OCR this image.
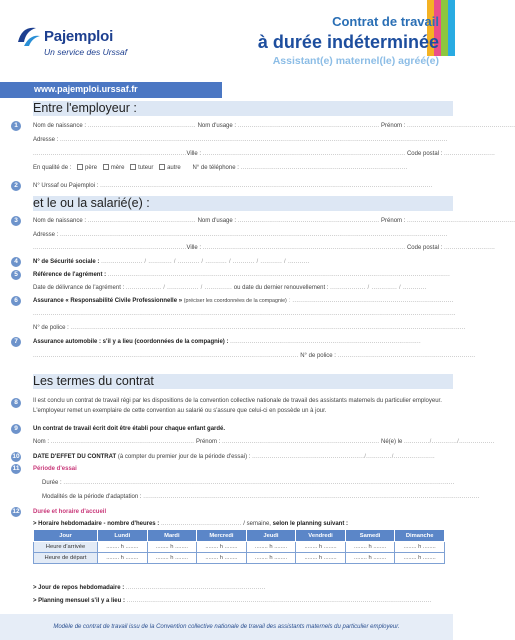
Pajemploi
Un service des Urssaf
Contrat de travail
à durée indéterminée
Assistant(e) maternel(le) agréé(e)
www.pajemploi.urssaf.fr
Entre l'employeur :
1	Nom de naissance : ....................................................... Nom d'usage : ........................................................................ Prénom : .......................................................
Adresse : .....................................................................................................................................................................................................
..............................................................................Ville : ....................................................................................................... Code postal : ..........................
En qualité de : père mère tuteur autre N° de téléphone : .....................................................................................
2	N° Urssaf ou Pajemploi : .........................................................................................................................................................................
et le ou la salarié(e) :
3	Nom de naissance : ....................................................... Nom d'usage : ........................................................................ Prénom : .......................................................
Adresse : .....................................................................................................................................................................................................
..............................................................................Ville : ....................................................................................................... Code postal : ..........................
4	N° de Sécurité sociale : ..................... / ............ / ........... / ........... / ........... / ........... / ...........
5	Référence de l'agrément : ..............................................................................................................................................................................
Date de délivrance de l'agrément : .................. / ................ / .............. ou date du dernier renouvellement : .................. / ............. / ............
6	Assurance « Responsabilité Civile Professionnelle » (préciser les coordonnées de la compagnie) : ..................................................................................
.......................................................................................................................................................................................................................
N° de police : .........................................................................................................................................................................................................
7	Assurance automobile : s'il y a lieu (coordonnées de la compagnie) : .................................................................................................
....................................................................................................................................... N° de police : ......................................................................
Les termes du contrat
8	Il est conclu un contrat de travail régi par les dispositions de la convention collective nationale de travail des assistants maternels du particulier employeur. L'employeur remet un exemplaire de cette convention au salarié ou s'assure que celui-ci en possède un à jour.
9	Un contrat de travail écrit doit être établi pour chaque enfant gardé.
Nom : ......................................................................... Prénom : ................................................................................ Né(e) le ............./............./..................
10 DATE D'EFFET DU CONTRAT (à compter du premier jour de la période d'essai) : ........................................................./............./.....................
11 Période d'essai
Durée : .......................................................................................................................................................................................................
Modalités de la période d'adaptation : ...........................................................................................................................................................................
12 Durée et horaire d'accueil
> Horaire hebdomadaire - nombre d'heures : ......................................... / semaine, selon le planning suivant :
Jour	Lundi	Mardi	Mercredi	Jeudi	Vendredi	Samedi	Dimanche
Heure d'arrivée	........ h ........	........ h ........	........ h ........	........ h ........	........ h ........	........ h ........	........ h ........
Heure de départ	........ h ........	........ h ........	........ h ........	........ h ........	........ h ........	........ h ........	........ h ........
> Jour de repos hebdomadaire : .......................................................................
> Planning mensuel s'il y a lieu : ...........................................................................................................................................................
Modèle de contrat de travail issu de la Convention collective nationale de travail des assistants maternels du particulier employeur.
